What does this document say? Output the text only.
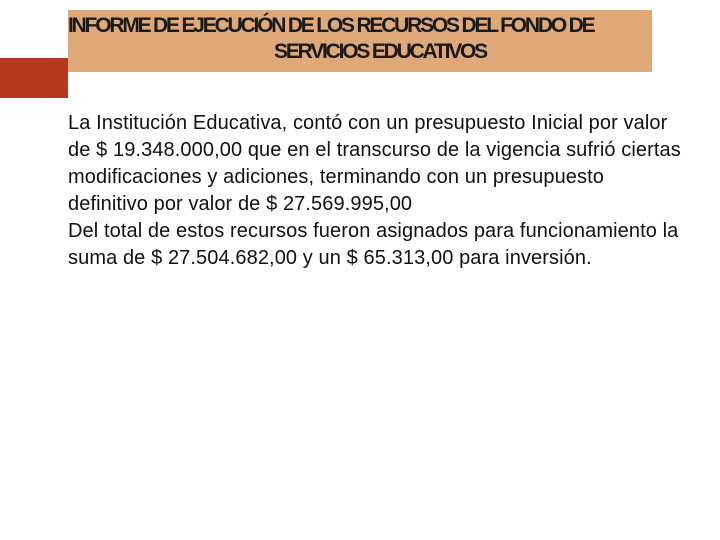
INFORME DE EJECUCIÓN DE LOS RECURSOS DEL FONDO DE
SERVICIOS EDUCATIVOS

La Institución Educativa, contó con un presupuesto Inicial por valor de $ 19.348.000,00 que en el transcurso de la vigencia sufrió ciertas modificaciones y adiciones, terminando con un presupuesto definitivo por valor de $ 27.569.995,00

Del total de estos recursos fueron asignados para funcionamiento la suma de $ 27.504.682,00 y un $ 65.313,00 para inversión.
